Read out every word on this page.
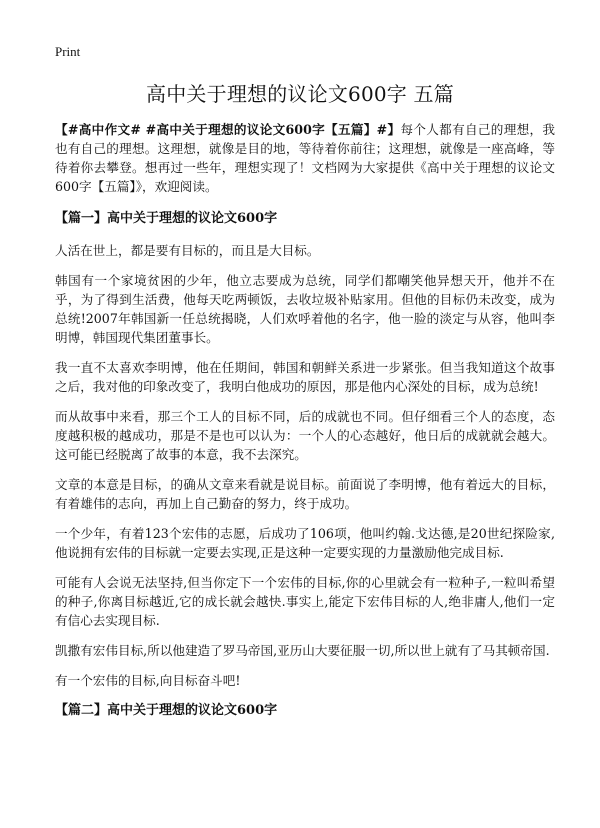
Print
高中关于理想的议论文600字 五篇

【#高中作文# #高中关于理想的议论文600字【五篇】#】每个人都有自己的理想，我也有自己的理想。这理想，就像是目的地，等待着你前往；这理想，就像是一座高峰，等待着你去攀登。想再过一些年，理想实现了！文档网为大家提供《高中关于理想的议论文600字【五篇】》，欢迎阅读。

【篇一】高中关于理想的议论文600字

人活在世上，都是要有目标的，而且是大目标。

韩国有一个家境贫困的少年，他立志要成为总统，同学们都嘲笑他异想天开，他并不在乎，为了得到生活费，他每天吃两顿饭，去收垃圾补贴家用。但他的目标仍未改变，成为总统!2007年韩国新一任总统揭晓，人们欢呼着他的名字，他一脸的淡定与从容，他叫李明博，韩国现代集团董事长。

我一直不太喜欢李明博，他在任期间，韩国和朝鲜关系进一步紧张。但当我知道这个故事之后，我对他的印象改变了，我明白他成功的原因，那是他内心深处的目标，成为总统!

而从故事中来看，那三个工人的目标不同，后的成就也不同。但仔细看三个人的态度，态度越积极的越成功，那是不是也可以认为：一个人的心态越好，他日后的成就就会越大。这可能已经脱离了故事的本意，我不去深究。

文章的本意是目标，的确从文章来看就是说目标。前面说了李明博，他有着远大的目标，有着雄伟的志向，再加上自己勤奋的努力，终于成功。

一个少年，有着123个宏伟的志愿，后成功了106项，他叫约翰.戈达德,是20世纪探险家,他说拥有宏伟的目标就一定要去实现,正是这种一定要实现的力量激励他完成目标.

可能有人会说无法坚持,但当你定下一个宏伟的目标,你的心里就会有一粒种子,一粒叫希望的种子,你离目标越近,它的成长就会越快.事实上,能定下宏伟目标的人,绝非庸人,他们一定有信心去实现目标.

凯撒有宏伟目标,所以他建造了罗马帝国,亚历山大要征服一切,所以世上就有了马其顿帝国.

有一个宏伟的目标,向目标奋斗吧!

【篇二】高中关于理想的议论文600字
